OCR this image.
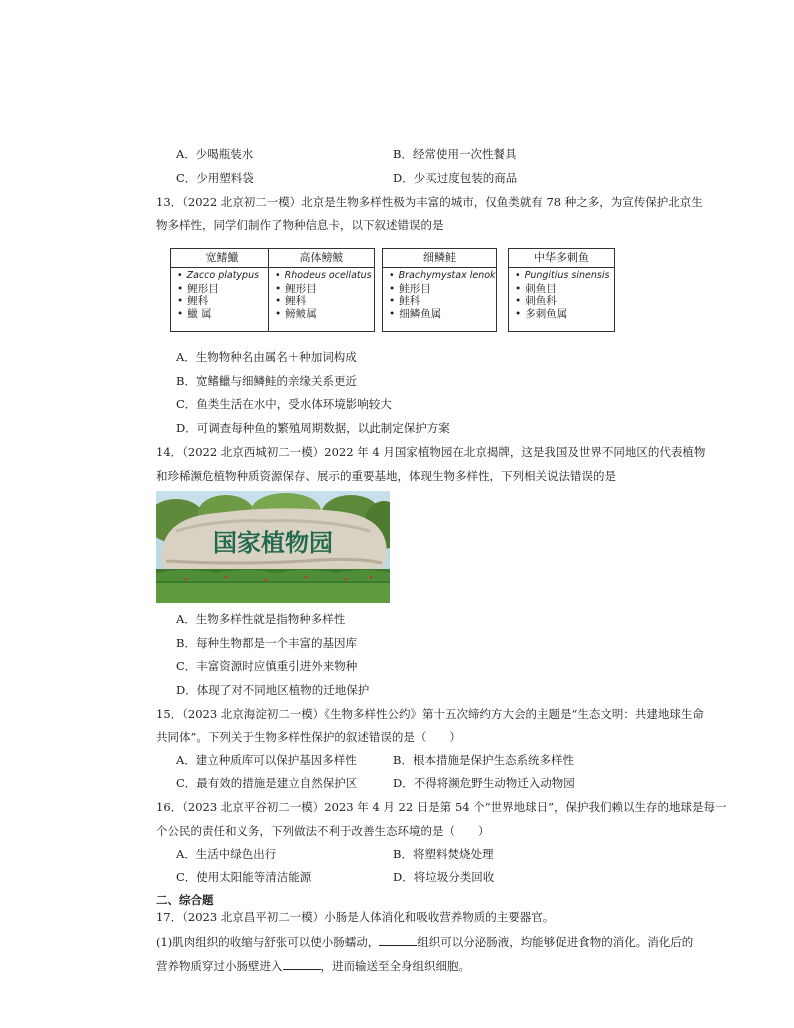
A．少喝瓶装水	B．经常使用一次性餐具
C．少用塑料袋	D．少买过度包装的商品
13．（2022 北京初二一模）北京是生物多样性极为丰富的城市，仅鱼类就有 78 种之多，为宣传保护北京生
物多样性，同学们制作了物种信息卡，以下叙述错误的是
宽鳍鱲
• Zacco platypus
• 鲤形目
• 鲤科
• 鱲 属
高体鳑鲏
• Rhodeus ocellatus
• 鲤形目
• 鲤科
• 鳑鲏属
细鳞鲑
• Brachymystax lenok
• 鲑形目
• 鲑科
• 细鳞鱼属
中华多刺鱼
• Pungitius sinensis
• 刺鱼目
• 刺鱼科
• 多刺鱼属
A．生物物种名由属名＋种加词构成
B．宽鳍鱲与细鳞鲑的亲缘关系更近
C．鱼类生活在水中，受水体环境影响较大
D．可调查每种鱼的繁殖周期数据，以此制定保护方案
14．（2022 北京西城初二一模）2022 年 4 月国家植物园在北京揭牌，这是我国及世界不同地区的代表植物
和珍稀濒危植物种质资源保存、展示的重要基地，体现生物多样性，下列相关说法错误的是
国家植物园
A．生物多样性就是指物种多样性
B．每种生物都是一个丰富的基因库
C．丰富资源时应慎重引进外来物种
D．体现了对不同地区植物的迁地保护
15．（2023 北京海淀初二一模）《生物多样性公约》第十五次缔约方大会的主题是“生态文明：共建地球生命
共同体”。下列关于生物多样性保护的叙述错误的是（　　）
A．建立种质库可以保护基因多样性	B．根本措施是保护生态系统多样性
C．最有效的措施是建立自然保护区	D．不得将濒危野生动物迁入动物园
16．（2023 北京平谷初二一模）2023 年 4 月 22 日是第 54 个“世界地球日”，保护我们赖以生存的地球是每一
个公民的责任和义务，下列做法不利于改善生态环境的是（　　）
A．生活中绿色出行	B．将塑料焚烧处理
C．使用太阳能等清洁能源	D．将垃圾分类回收
二、综合题
17．（2023 北京昌平初二一模）小肠是人体消化和吸收营养物质的主要器官。
(1)肌肉组织的收缩与舒张可以使小肠蠕动，	组织可以分泌肠液，均能够促进食物的消化。消化后的
营养物质穿过小肠壁进入	，进而输送至全身组织细胞。
